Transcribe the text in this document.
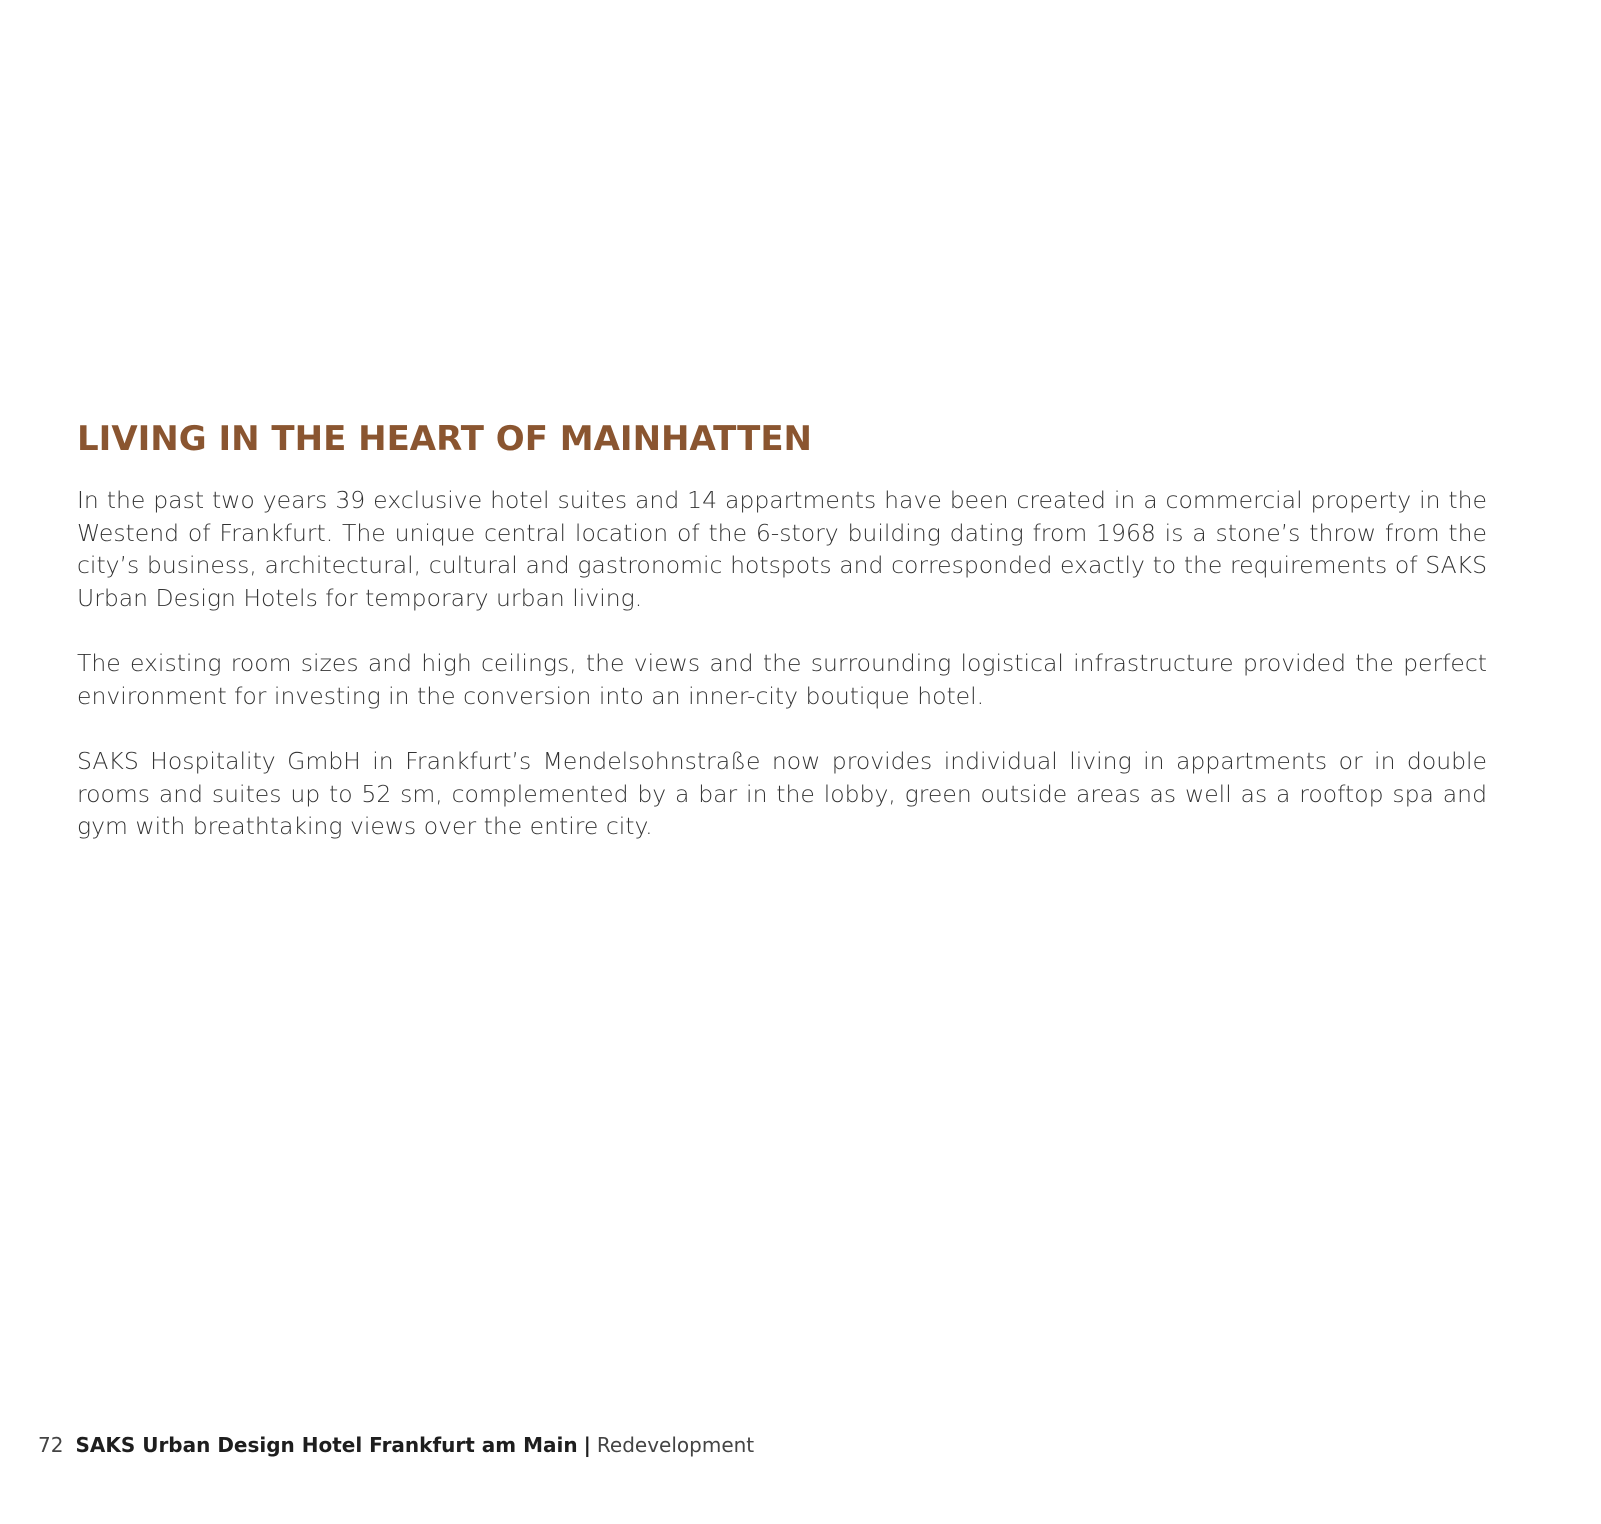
LIVING IN THE HEART OF MAINHATTEN

In the past two years 39 exclusive hotel suites and 14 appartments have been created in a commercial property in the Westend of Frankfurt. The unique central location of the 6-story building dating from 1968 is a stone’s throw from the city’s business, architectural, cultural and gastronomic hotspots and corresponded exactly to the requirements of SAKS Urban Design Hotels for temporary urban living.

The existing room sizes and high ceilings, the views and the surrounding logistical infrastructure provided the perfect environment for investing in the conversion into an inner-city boutique hotel.

SAKS Hospitality GmbH in Frankfurt’s Mendelsohnstraße now provides individual living in appartments or in double rooms and suites up to 52 sm, complemented by a bar in the lobby, green outside areas as well as a rooftop spa and gym with breathtaking views over the entire city.

72 SAKS Urban Design Hotel Frankfurt am Main | Redevelopment
